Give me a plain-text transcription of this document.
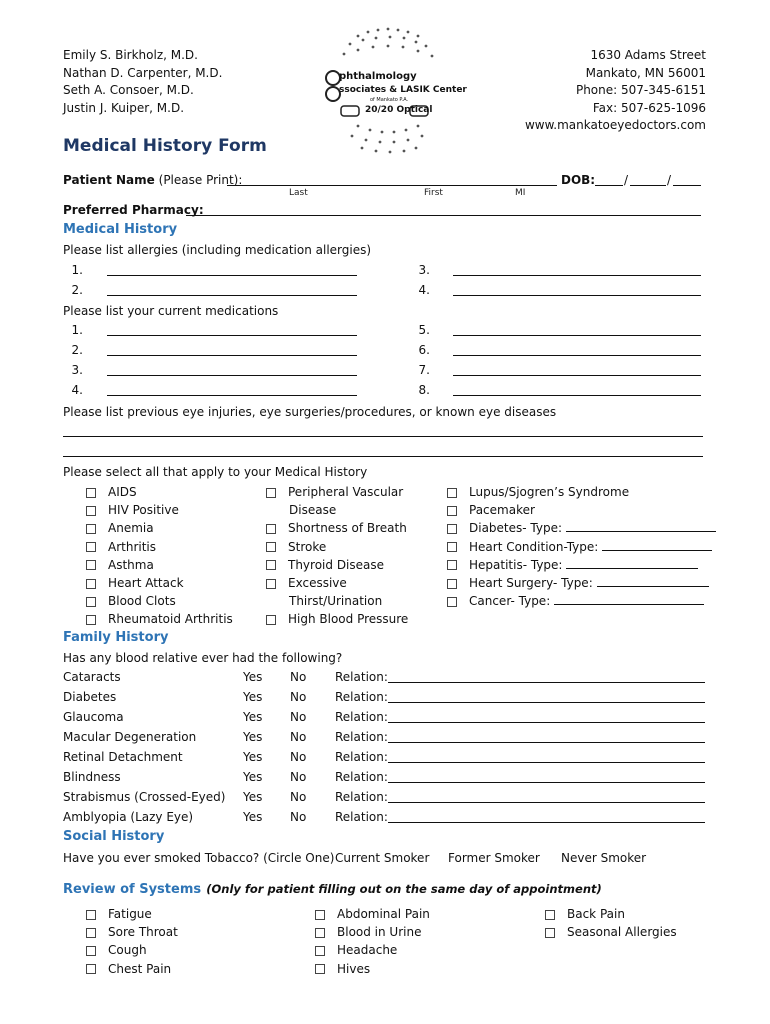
Emily S. Birkholz, M.D.
Nathan D. Carpenter, M.D.
Seth A. Consoer, M.D.
Justin J. Kuiper, M.D.
phthalmology
ssociates & LASIK Center
of Mankato P.A.
20/20 Optical
1630 Adams Street
Mankato, MN 56001
Phone: 507-345-6151
Fax: 507-625-1096
www.mankatoeyedoctors.com
Medical History Form
Patient Name (Please Print):	DOB: /	/
Last	First	MI
Preferred Pharmacy:
Medical History
Please list allergies (including medication allergies)
1.
2.
3.
4.
Please list your current medications
1.
2.
3.
4.
5.
6.
7.
8.
Please list previous eye injuries, eye surgeries/procedures, or known eye diseases
Please select all that apply to your Medical History
AIDS
HIV Positive
Anemia
Arthritis
Asthma
Heart Attack
Blood Clots
Rheumatoid Arthritis
Peripheral Vascular
Disease
Shortness of Breath
Stroke
Thyroid Disease
Excessive
Thirst/Urination
High Blood Pressure
Lupus/Sjogren’s Syndrome
Pacemaker
Diabetes- Type:
Heart Condition-Type:
Hepatitis- Type:
Heart Surgery- Type:
Cancer- Type:
Family History
Has any blood relative ever had the following?
Cataracts	Yes No Relation:
Diabetes	Yes No Relation:
Glaucoma	Yes No Relation:
Macular Degeneration	Yes No Relation:
Retinal Detachment	Yes No Relation:
Blindness	Yes No Relation:
Strabismus (Crossed-Eyed) Yes No Relation:
Amblyopia (Lazy Eye)	Yes No Relation:
Social History
Have you ever smoked Tobacco? (Circle One) Current Smoker Former Smoker Never Smoker
Review of Systems (Only for patient filling out on the same day of appointment)
Fatigue
Sore Throat
Cough
Chest Pain
Abdominal Pain
Blood in Urine
Headache
Hives
Back Pain
Seasonal Allergies
